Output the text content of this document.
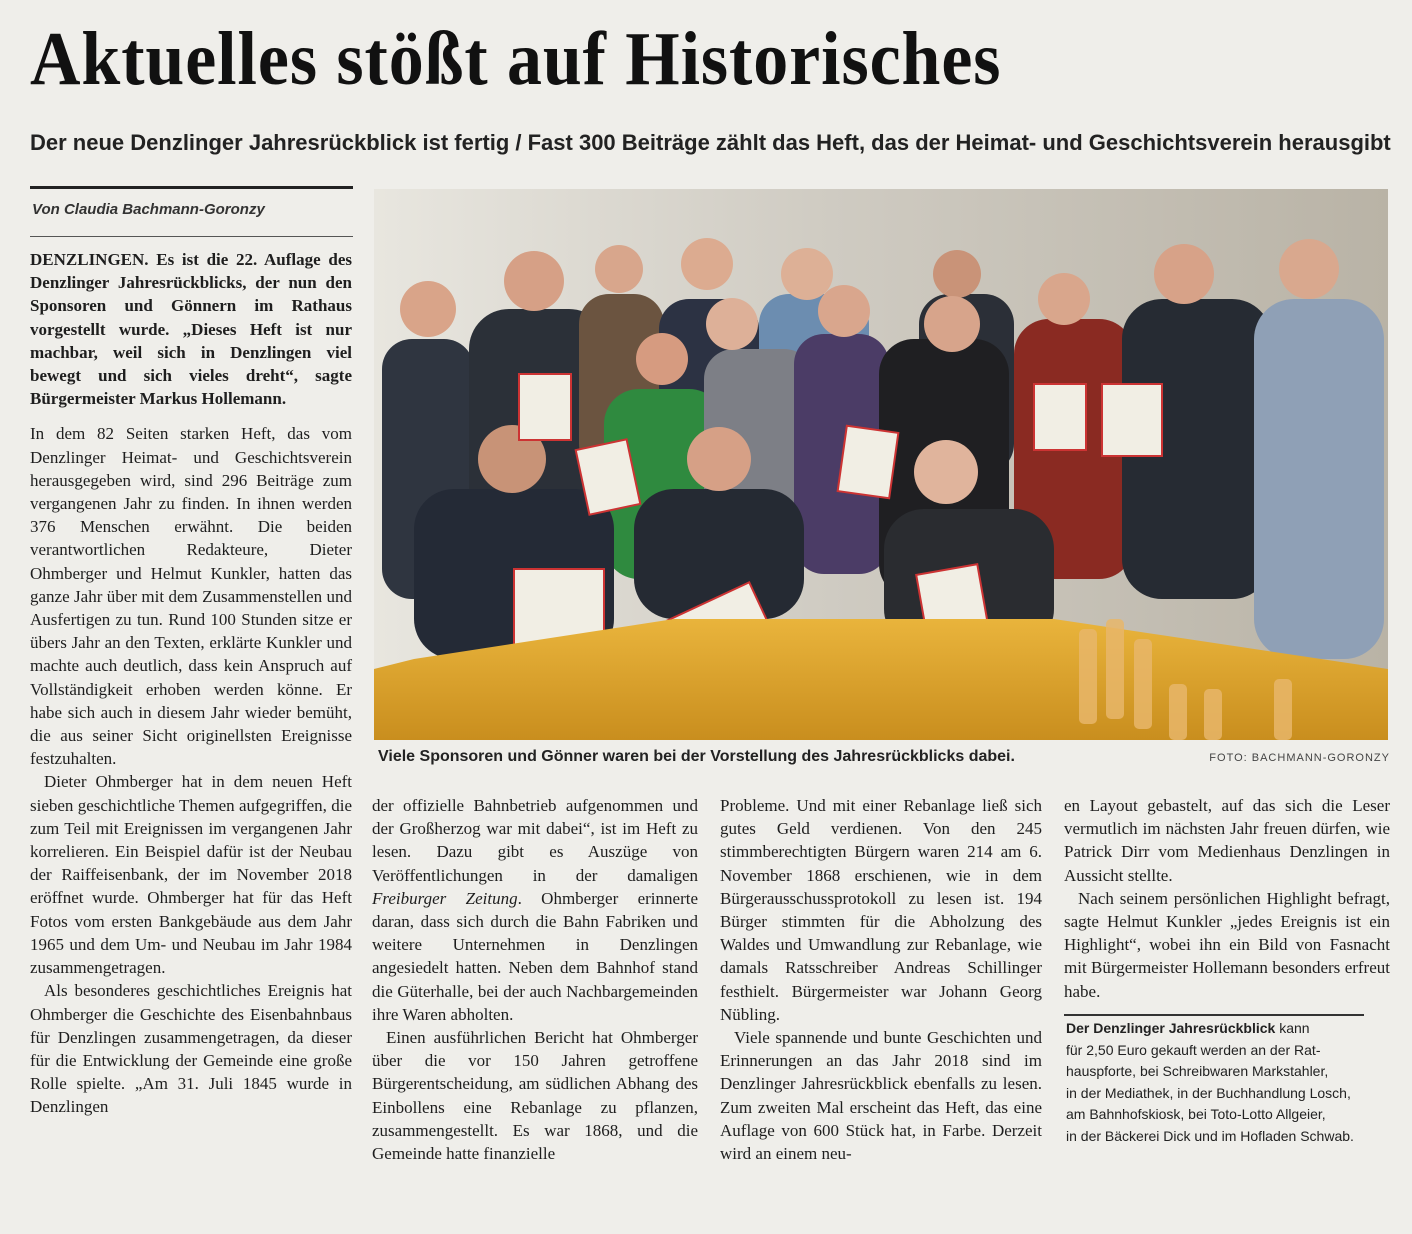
Aktuelles stößt auf Historisches
Der neue Denzlinger Jahresrückblick ist fertig / Fast 300 Beiträge zählt das Heft, das der Heimat- und Geschichtsverein herausgibt
Von Claudia Bachmann-Goronzy

DENZLINGEN. Es ist die 22. Auflage des Denzlinger Jahresrückblicks, der nun den Sponsoren und Gönnern im Rathaus vorgestellt wurde. „Dieses Heft ist nur machbar, weil sich in Denzlingen viel bewegt und sich vieles dreht“, sagte Bürgermeister Markus Hollemann.

In dem 82 Seiten starken Heft, das vom Denzlinger Heimat- und Geschichtsverein herausgegeben wird, sind 296 Beiträge zum vergangenen Jahr zu finden. In ihnen werden 376 Menschen erwähnt. Die beiden verantwortlichen Redakteure, Dieter Ohmberger und Helmut Kunkler, hatten das ganze Jahr über mit dem Zusammenstellen und Ausfertigen zu tun. Rund 100 Stunden sitze er übers Jahr an den Texten, erklärte Kunkler und machte auch deutlich, dass kein Anspruch auf Vollständigkeit erhoben werden könne. Er habe sich auch in diesem Jahr wieder bemüht, die aus seiner Sicht originellsten Ereignisse festzuhalten.

Dieter Ohmberger hat in dem neuen Heft sieben geschichtliche Themen aufgegriffen, die zum Teil mit Ereignissen im vergangenen Jahr korrelieren. Ein Beispiel dafür ist der Neubau der Raiffeisenbank, der im November 2018 eröffnet wurde. Ohmberger hat für das Heft Fotos vom ersten Bankgebäude aus dem Jahr 1965 und dem Um- und Neubau im Jahr 1984 zusammengetragen.

Als besonderes geschichtliches Ereignis hat Ohmberger die Geschichte des Eisenbahnbaus für Denzlingen zusammengetragen, da dieser für die Entwicklung der Gemeinde eine große Rolle spielte. „Am 31. Juli 1845 wurde in Denzlingen

Viele Sponsoren und Gönner waren bei der Vorstellung des Jahresrückblicks dabei.	FOTO: BACHMANN-GORONZY

der offizielle Bahnbetrieb aufgenommen und der Großherzog war mit dabei“, ist im Heft zu lesen. Dazu gibt es Auszüge von Veröffentlichungen in der damaligen Freiburger Zeitung. Ohmberger erinnerte daran, dass sich durch die Bahn Fabriken und weitere Unternehmen in Denzlingen angesiedelt hatten. Neben dem Bahnhof stand die Güterhalle, bei der auch Nachbargemeinden ihre Waren abholten.

Einen ausführlichen Bericht hat Ohmberger über die vor 150 Jahren getroffene Bürgerentscheidung, am südlichen Abhang des Einbollens eine Rebanlage zu pflanzen, zusammengestellt. Es war 1868, und die Gemeinde hatte finanzielle

Probleme. Und mit einer Rebanlage ließ sich gutes Geld verdienen. Von den 245 stimmberechtigten Bürgern waren 214 am 6. November 1868 erschienen, wie in dem Bürgerausschussprotokoll zu lesen ist. 194 Bürger stimmten für die Abholzung des Waldes und Umwandlung zur Rebanlage, wie damals Ratsschreiber Andreas Schillinger festhielt. Bürgermeister war Johann Georg Nübling.

Viele spannende und bunte Geschichten und Erinnerungen an das Jahr 2018 sind im Denzlinger Jahresrückblick ebenfalls zu lesen. Zum zweiten Mal erscheint das Heft, das eine Auflage von 600 Stück hat, in Farbe. Derzeit wird an einem neu-

en Layout gebastelt, auf das sich die Leser vermutlich im nächsten Jahr freuen dürfen, wie Patrick Dirr vom Medienhaus Denzlingen in Aussicht stellte.

Nach seinem persönlichen Highlight befragt, sagte Helmut Kunkler „jedes Ereignis ist ein Highlight“, wobei ihn ein Bild von Fasnacht mit Bürgermeister Hollemann besonders erfreut habe.

Der Denzlinger Jahresrückblick kann
für 2,50 Euro gekauft werden an der Rat-
hauspforte, bei Schreibwaren Markstahler,
in der Mediathek, in der Buchhandlung Losch,
am Bahnhofskiosk, bei Toto-Lotto Allgeier,
in der Bäckerei Dick und im Hofladen Schwab.
